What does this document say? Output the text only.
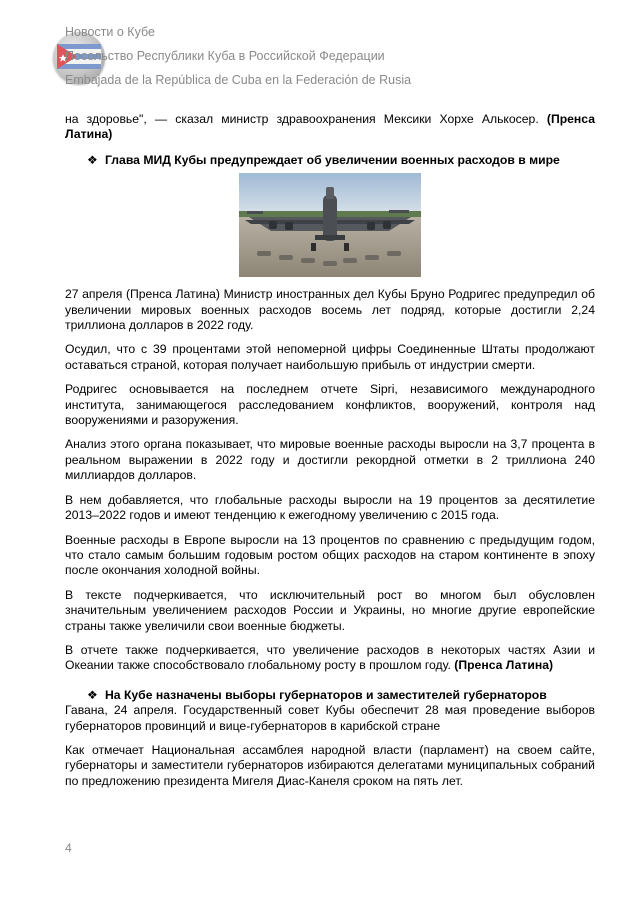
Новости о Кубе
Посольство Республики Куба в Российской Федерации
Embajada de la República de Cuba en la Federación de Rusia

на здоровье", — сказал министр здравоохранения Мексики Хорхе Алькосер. (Пренса Латина)

❖ Глава МИД Кубы предупреждает об увеличении военных расходов в мире

27 апреля (Пренса Латина) Министр иностранных дел Кубы Бруно Родригес предупредил об увеличении мировых военных расходов восемь лет подряд, которые достигли 2,24 триллиона долларов в 2022 году.

Осудил, что с 39 процентами этой непомерной цифры Соединенные Штаты продолжают оставаться страной, которая получает наибольшую прибыль от индустрии смерти.

Родригес основывается на последнем отчете Sipri, независимого международного института, занимающегося расследованием конфликтов, вооружений, контроля над вооружениями и разоружения.

Анализ этого органа показывает, что мировые военные расходы выросли на 3,7 процента в реальном выражении в 2022 году и достигли рекордной отметки в 2 триллиона 240 миллиардов долларов.

В нем добавляется, что глобальные расходы выросли на 19 процентов за десятилетие 2013–2022 годов и имеют тенденцию к ежегодному увеличению с 2015 года.

Военные расходы в Европе выросли на 13 процентов по сравнению с предыдущим годом, что стало самым большим годовым ростом общих расходов на старом континенте в эпоху после окончания холодной войны.

В тексте подчеркивается, что исключительный рост во многом был обусловлен значительным увеличением расходов России и Украины, но многие другие европейские страны также увеличили свои военные бюджеты.

В отчете также подчеркивается, что увеличение расходов в некоторых частях Азии и Океании также способствовало глобальному росту в прошлом году. (Пренса Латина)

❖ На Кубе назначены выборы губернаторов и заместителей губернаторов

Гавана, 24 апреля. Государственный совет Кубы обеспечит 28 мая проведение выборов губернаторов провинций и вице-губернаторов в карибской стране

Как отмечает Национальная ассамблея народной власти (парламент) на своем сайте, губернаторы и заместители губернаторов избираются делегатами муниципальных собраний по предложению президента Мигеля Диас-Канеля сроком на пять лет.

4
